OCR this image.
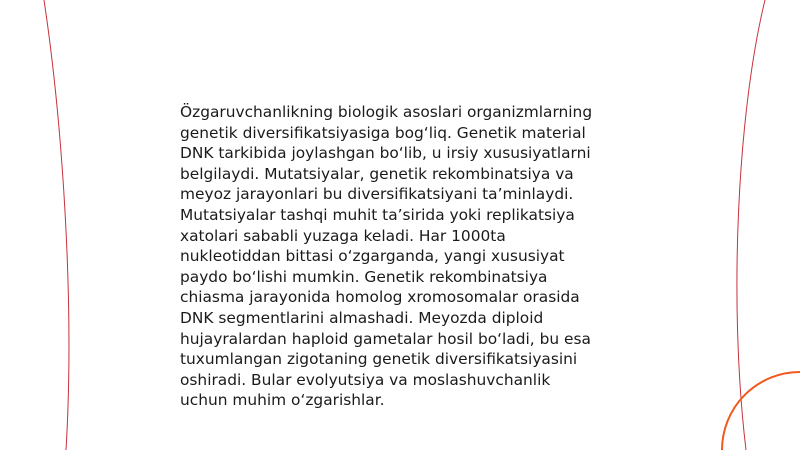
Özgaruvchanlikning biologik asoslari organizmlarning
genetik diversifikatsiyasiga bog‘liq. Genetik material
DNK tarkibida joylashgan bo‘lib, u irsiy xususiyatlarni
belgilaydi. Mutatsiyalar, genetik rekombinatsiya va
meyoz jarayonlari bu diversifikatsiyani ta’minlaydi.
Mutatsiyalar tashqi muhit ta’sirida yoki replikatsiya
xatolari sababli yuzaga keladi. Har 1000ta
nukleotiddan bittasi o‘zgarganda, yangi xususiyat
paydo bo‘lishi mumkin. Genetik rekombinatsiya
chiasma jarayonida homolog xromosomalar orasida
DNK segmentlarini almashadi. Meyozda diploid
hujayralardan haploid gametalar hosil bo‘ladi, bu esa
tuxumlangan zigotaning genetik diversifikatsiyasini
oshiradi. Bular evolyutsiya va moslashuvchanlik
uchun muhim o‘zgarishlar.
